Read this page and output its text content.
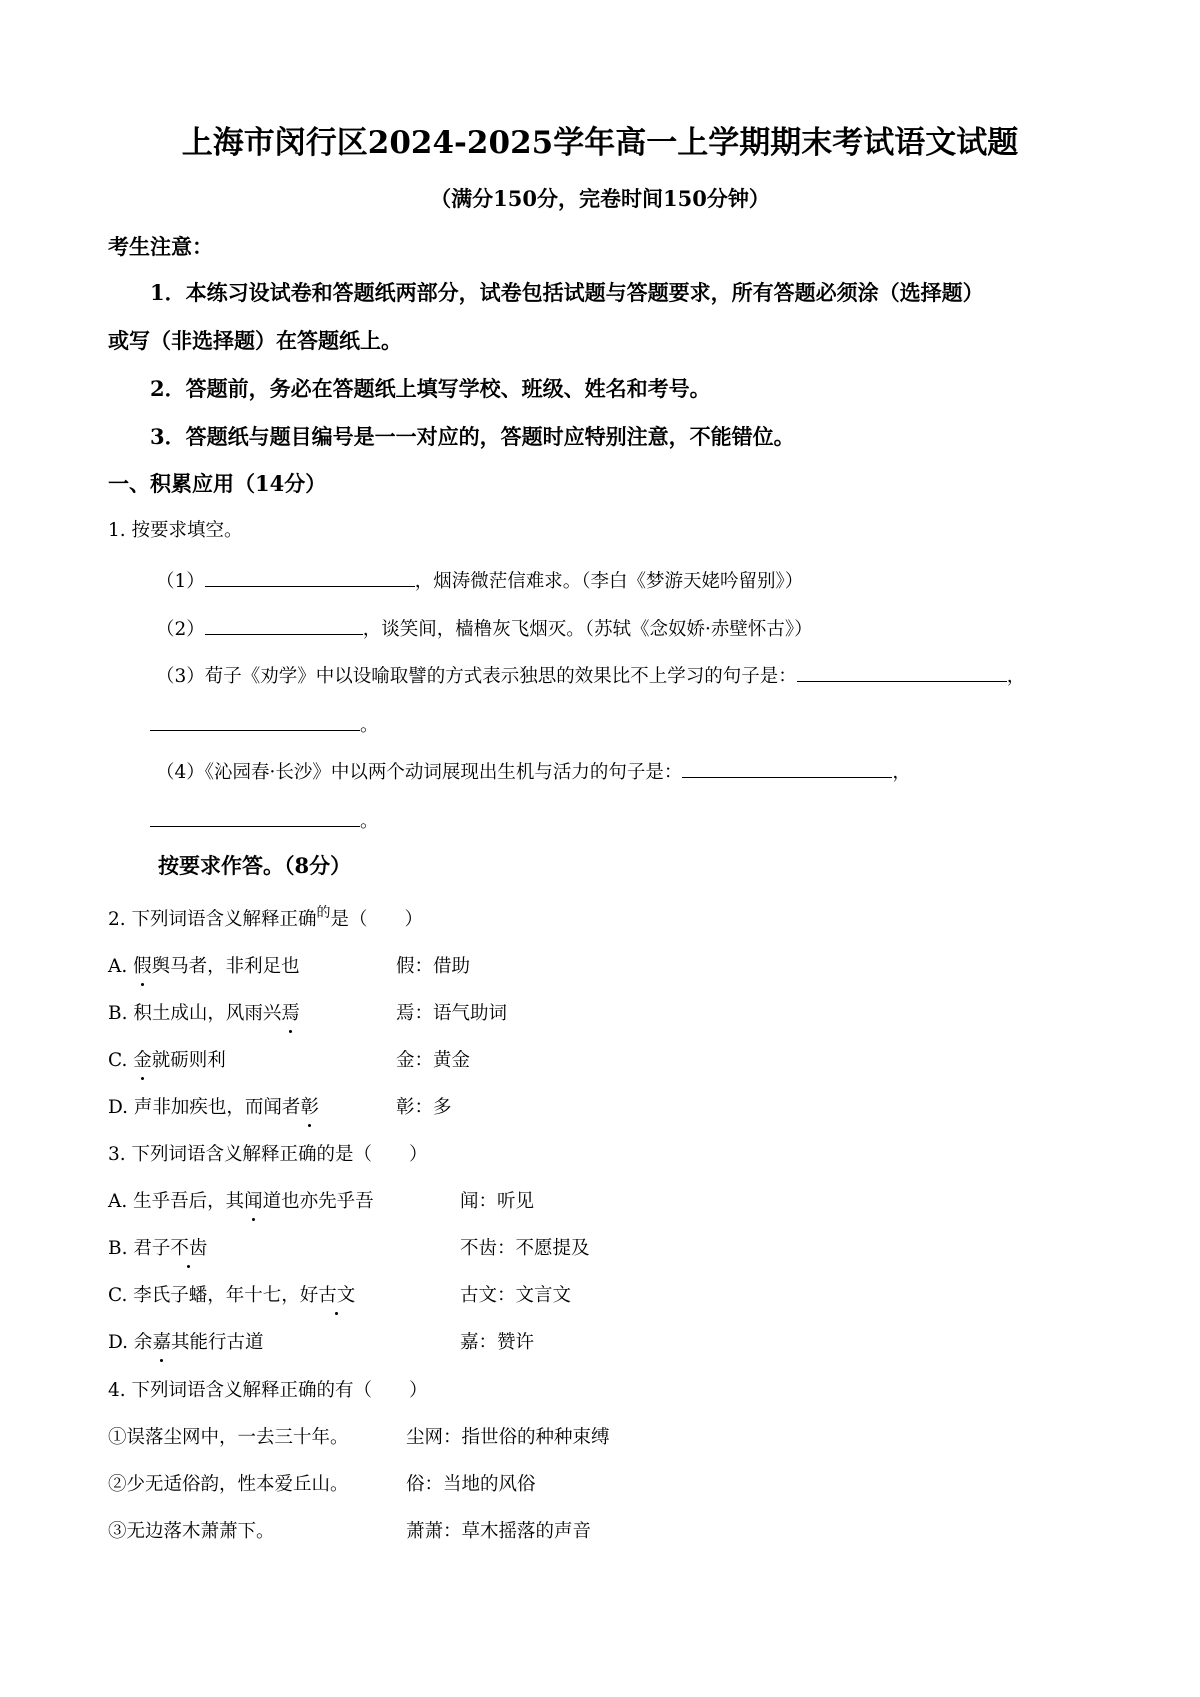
上海市闵行区2024-2025学年高一上学期期末考试语文试题
（满分150分，完卷时间150分钟）
考生注意：
1．本练习设试卷和答题纸两部分，试卷包括试题与答题要求，所有答题必须涂（选择题）
或写（非选择题）在答题纸上。
2．答题前，务必在答题纸上填写学校、班级、姓名和考号。
3．答题纸与题目编号是一一对应的，答题时应特别注意，不能错位。
一、积累应用（14分）
1. 按要求填空。
（1）	，烟涛微茫信难求。（李白《梦游天姥吟留别》）
（2）	，谈笑间，樯橹灰飞烟灭。（苏轼《念奴娇·赤壁怀古》）
（3）荀子《劝学》中以设喻取譬的方式表示独思的效果比不上学习的句子是：	，
。
（4）《沁园春·长沙》中以两个动词展现出生机与活力的句子是：	，
。
按要求作答。（8分）
2. 下列词语含义解释正确$^的$是（　　）
A. 假舆马者，非利足也	假：借助
B. 积土成山，风雨兴焉	焉：语气助词
C. 金就砺则利	金：黄金
D. 声非加疾也，而闻者彰	彰：多
3. 下列词语含义解释正确的是（　　）
A. 生乎吾后，其闻道也亦先乎吾	闻：听见
B. 君子不齿	不齿：不愿提及
C. 李氏子蟠，年十七，好古文	古文：文言文
D. 余嘉其能行古道	嘉：赞许
4. 下列词语含义解释正确的有（　　）
①误落尘网中，一去三十年。	尘网：指世俗的种种束缚
②少无适俗韵，性本爱丘山。	俗：当地的风俗
③无边落木萧萧下。	萧萧：草木摇落的声音
